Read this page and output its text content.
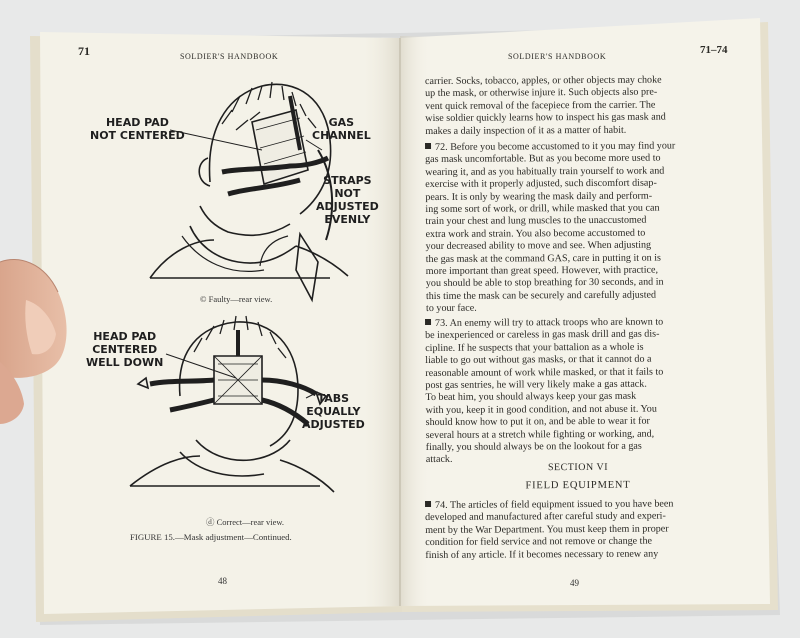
71	SOLDIER'S HANDBOOK
HEAD PAD
NOT CENTERED
GAS
CHANNEL
STRAPS
NOT
ADJUSTED
EVENLY
© Faulty—rear view.
HEAD PAD
CENTERED
WELL DOWN
TABS
EQUALLY
ADJUSTED
ⓓ Correct—rear view.
FIGURE 15.—Mask adjustment—Continued.
48
SOLDIER'S HANDBOOK
71–74
carrier. Socks, tobacco, apples, or other objects may choke
up the mask, or otherwise injure it. Such objects also pre-
vent quick removal of the facepiece from the carrier. The
wise soldier quickly learns how to inspect his gas mask and
makes a daily inspection of it as a matter of habit.
72. Before you become accustomed to it you may find your
gas mask uncomfortable. But as you become more used to
wearing it, and as you habitually train yourself to work and
exercise with it properly adjusted, such discomfort disap-
pears. It is only by wearing the mask daily and perform-
ing some sort of work, or drill, while masked that you can
train your chest and lung muscles to the unaccustomed
extra work and strain. You also become accustomed to
your decreased ability to move and see. When adjusting
the gas mask at the command GAS, care in putting it on is
more important than great speed. However, with practice,
you should be able to stop breathing for 30 seconds, and in
this time the mask can be securely and carefully adjusted
to your face.
73. An enemy will try to attack troops who are known to
be inexperienced or careless in gas mask drill and gas dis-
cipline. If he suspects that your battalion as a whole is
liable to go out without gas masks, or that it cannot do a
reasonable amount of work while masked, or that it fails to
post gas sentries, he will very likely make a gas attack.
To beat him, you should always keep your gas mask
with you, keep it in good condition, and not abuse it. You
should know how to put it on, and be able to wear it for
several hours at a stretch while fighting or working, and,
finally, you should always be on the lookout for a gas
attack.
SECTION VI
FIELD EQUIPMENT
74. The articles of field equipment issued to you have been
developed and manufactured after careful study and experi-
ment by the War Department. You must keep them in proper
condition for field service and not remove or change the
finish of any article. If it becomes necessary to renew any
49
